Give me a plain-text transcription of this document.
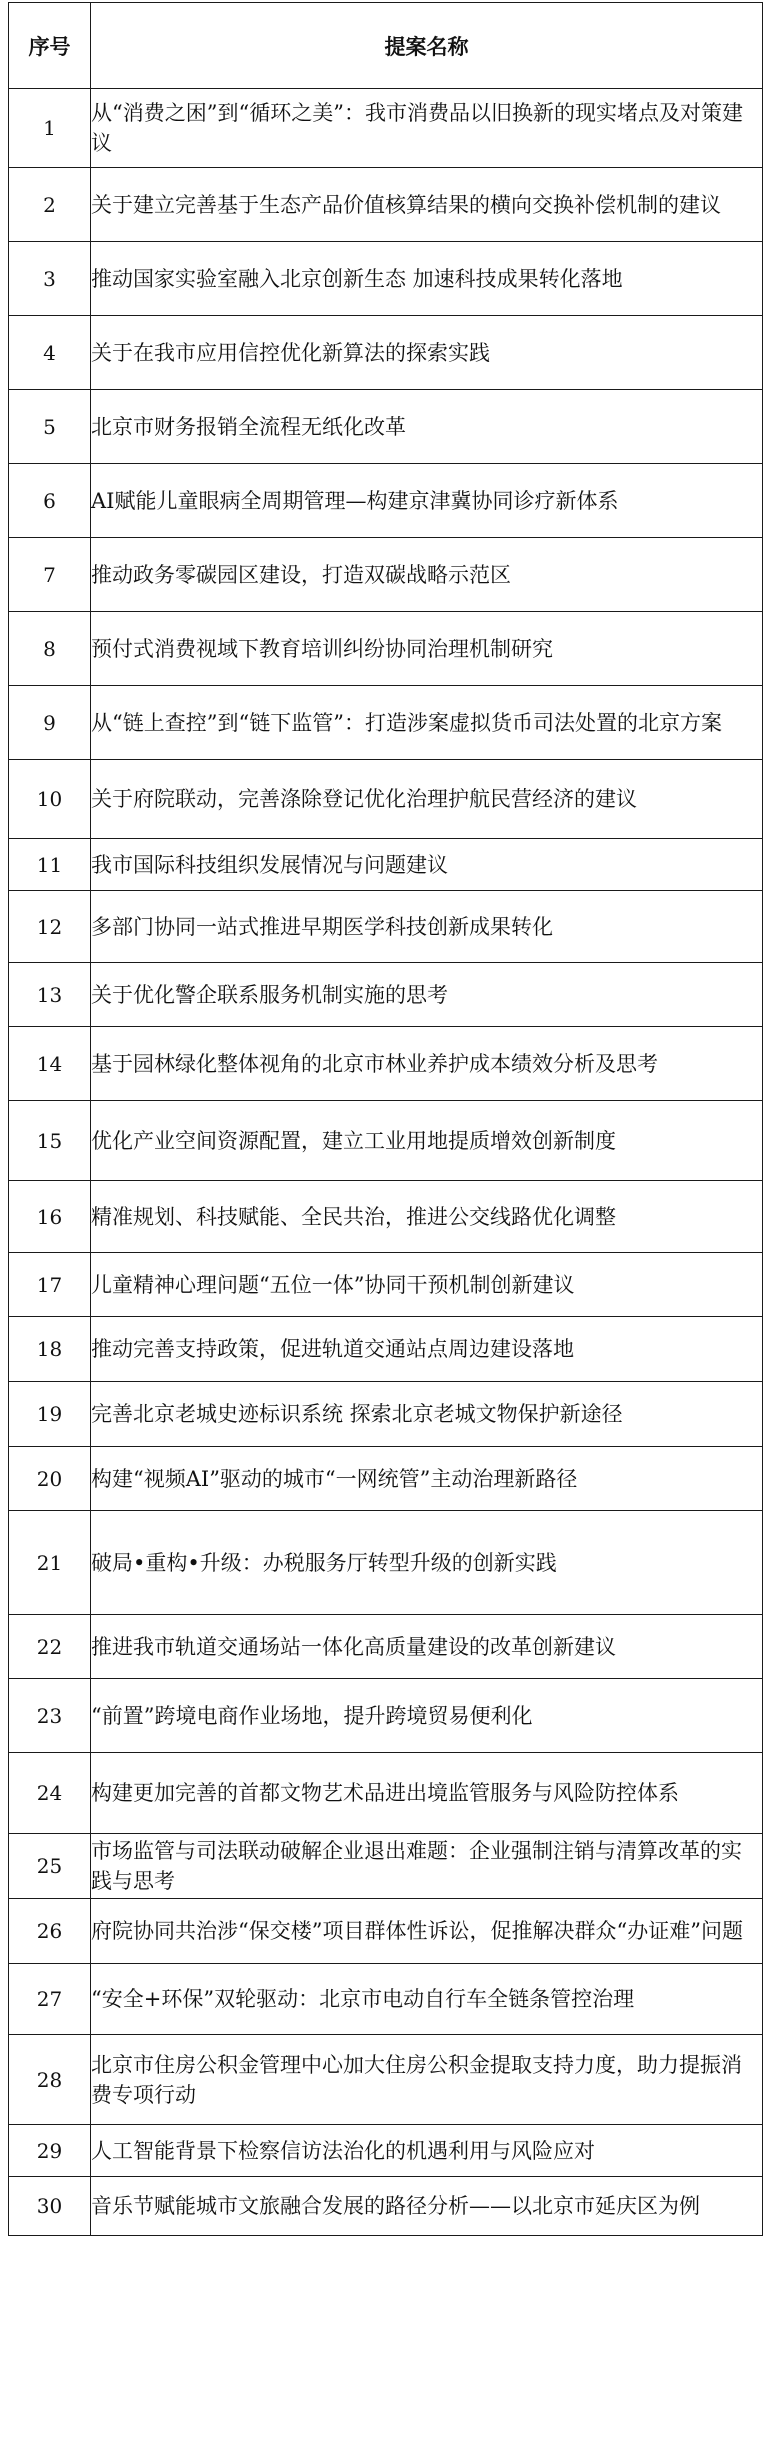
序号	提案名称
1	从“消费之困”到“循环之美”：我市消费品以旧换新的现实堵点及对策建议
2	关于建立完善基于生态产品价值核算结果的横向交换补偿机制的建议
3	推动国家实验室融入北京创新生态 加速科技成果转化落地
4	关于在我市应用信控优化新算法的探索实践
5	北京市财务报销全流程无纸化改革
6	AI赋能儿童眼病全周期管理—构建京津冀协同诊疗新体系
7	推动政务零碳园区建设，打造双碳战略示范区
8	预付式消费视域下教育培训纠纷协同治理机制研究
9	从“链上查控”到“链下监管”：打造涉案虚拟货币司法处置的北京方案
10	关于府院联动，完善涤除登记优化治理护航民营经济的建议
11	我市国际科技组织发展情况与问题建议
12	多部门协同一站式推进早期医学科技创新成果转化
13	关于优化警企联系服务机制实施的思考
14	基于园林绿化整体视角的北京市林业养护成本绩效分析及思考
15	优化产业空间资源配置，建立工业用地提质增效创新制度
16	精准规划、科技赋能、全民共治，推进公交线路优化调整
17	儿童精神心理问题“五位一体”协同干预机制创新建议
18	推动完善支持政策，促进轨道交通站点周边建设落地
19	完善北京老城史迹标识系统 探索北京老城文物保护新途径
20	构建“视频AI”驱动的城市“一网统管”主动治理新路径
21	破局•重构•升级：办税服务厅转型升级的创新实践
22	推进我市轨道交通场站一体化高质量建设的改革创新建议
23	“前置”跨境电商作业场地，提升跨境贸易便利化
24	构建更加完善的首都文物艺术品进出境监管服务与风险防控体系
25	市场监管与司法联动破解企业退出难题：企业强制注销与清算改革的实践与思考
26	府院协同共治涉“保交楼”项目群体性诉讼，促推解决群众“办证难”问题
27	“安全+环保”双轮驱动：北京市电动自行车全链条管控治理
28	北京市住房公积金管理中心加大住房公积金提取支持力度，助力提振消费专项行动
29	人工智能背景下检察信访法治化的机遇利用与风险应对
30	音乐节赋能城市文旅融合发展的路径分析——以北京市延庆区为例
